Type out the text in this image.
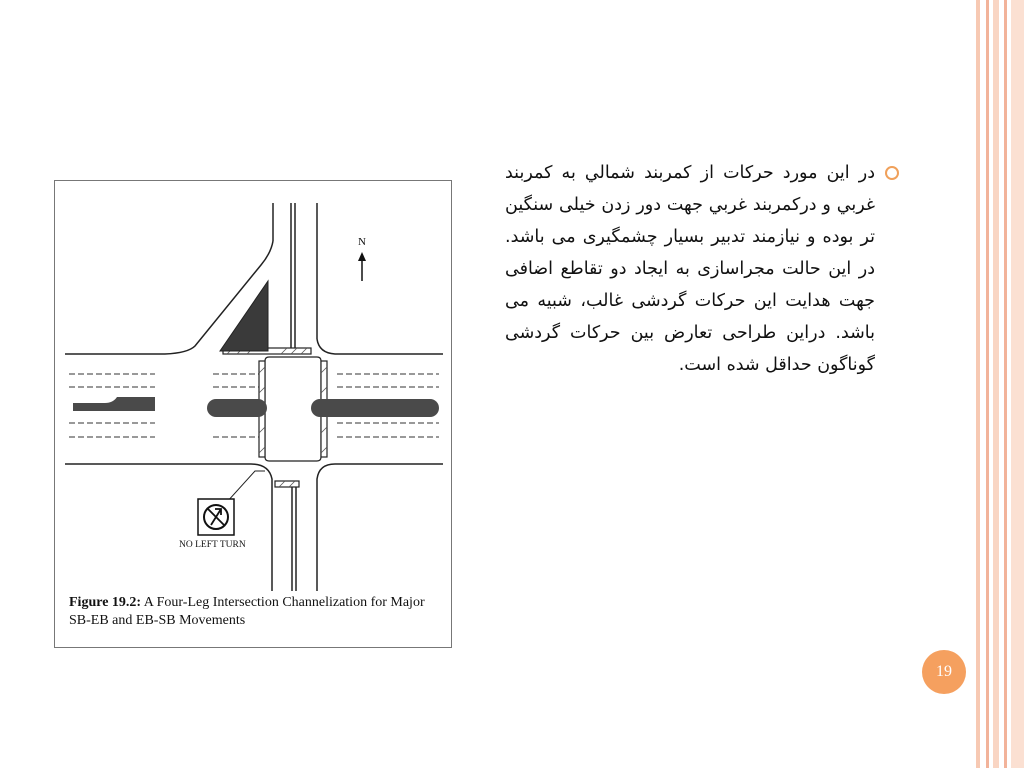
N
NO LEFT TURN
Figure 19.2: A Four-Leg Intersection Channelization for Major SB-EB and EB-SB Movements
در این مورد حرکات از کمربند شمالي به کمربند غربي و درکمربند غربي جهت دور زدن خیلی سنگین تر بوده و نیازمند تدبیر بسیار چشمگیری می باشد. در این حالت مجراسازی به ایجاد دو تقاطع اضافی جهت هدایت این حرکات گردشی غالب، شبیه می باشد. دراین طراحی تعارض بین حرکات گردشی گوناگون حداقل شده است.
19
